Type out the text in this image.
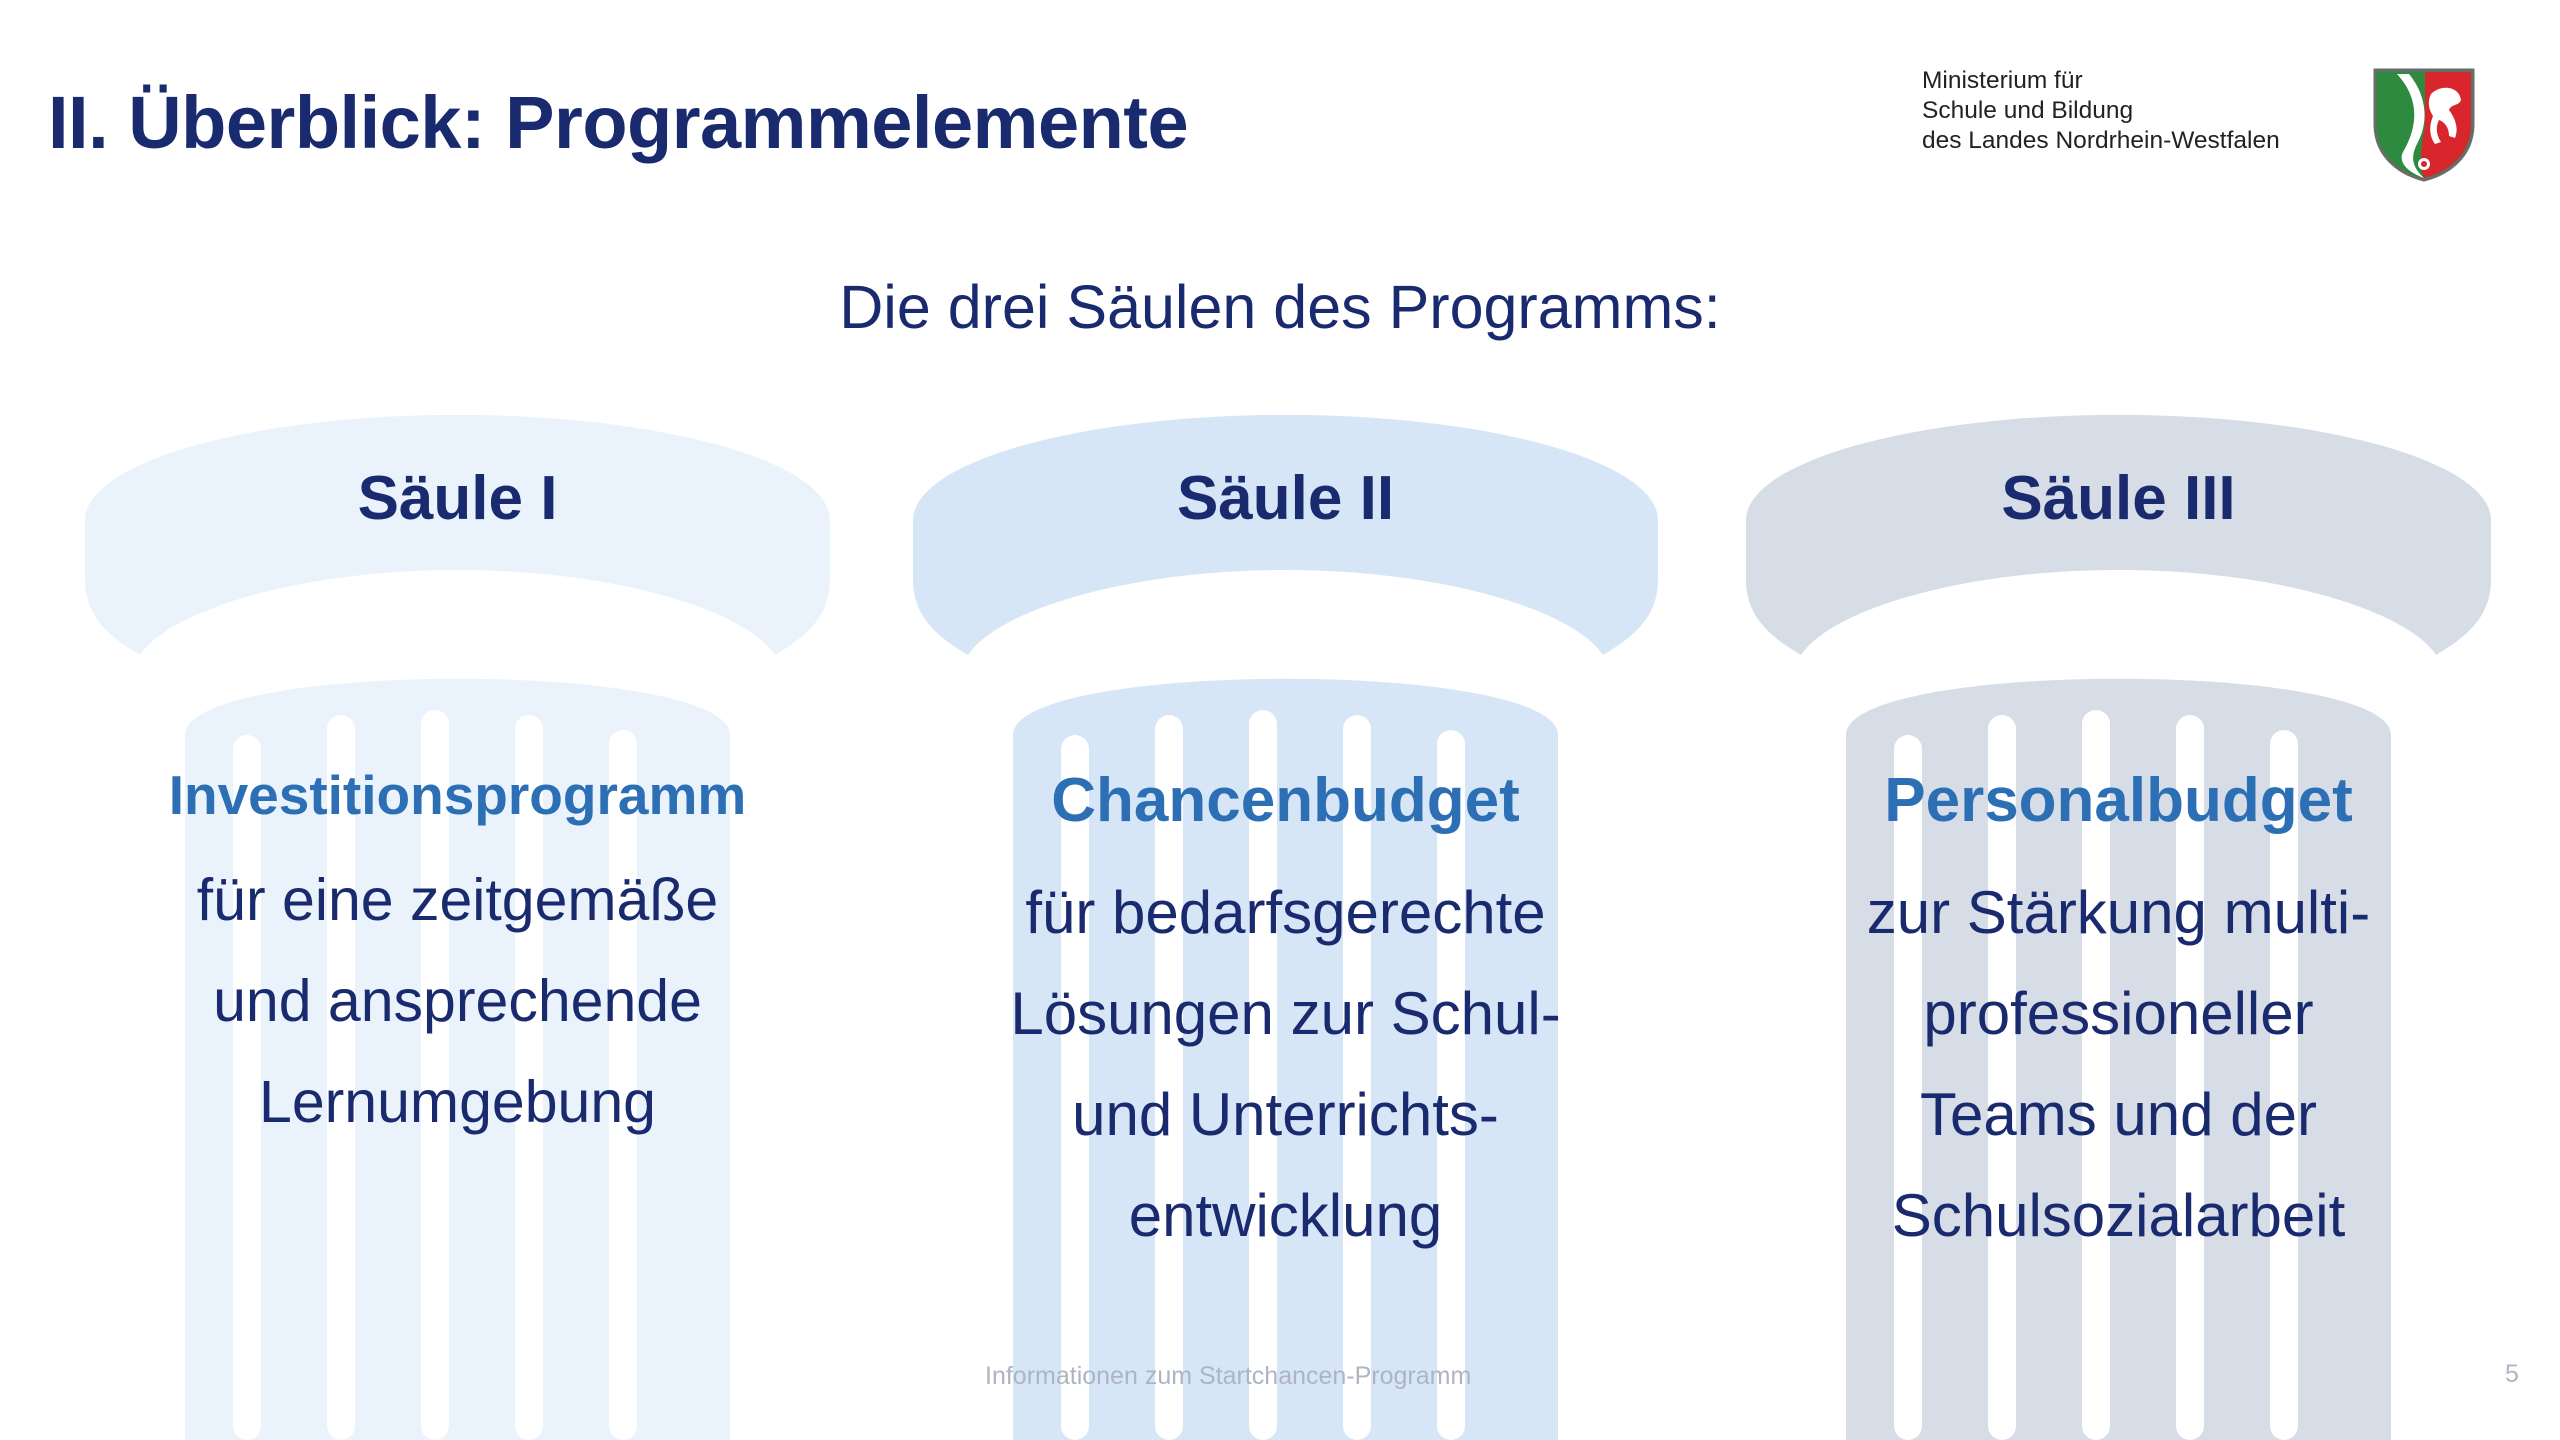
II. Überblick: Programmelemente
Ministerium für
Schule und Bildung
des Landes Nordrhein-Westfalen
Die drei Säulen des Programms:
Säule I
Investitionsprogramm
für eine zeitgemäße
und ansprechende
Lernumgebung
Säule II
Chancenbudget
für bedarfsgerechte
Lösungen zur Schul-
und Unterrichts-
entwicklung
Säule III
Personalbudget
zur Stärkung multi-
professioneller
Teams und der
Schulsozialarbeit
Informationen zum Startchancen-Programm	5
